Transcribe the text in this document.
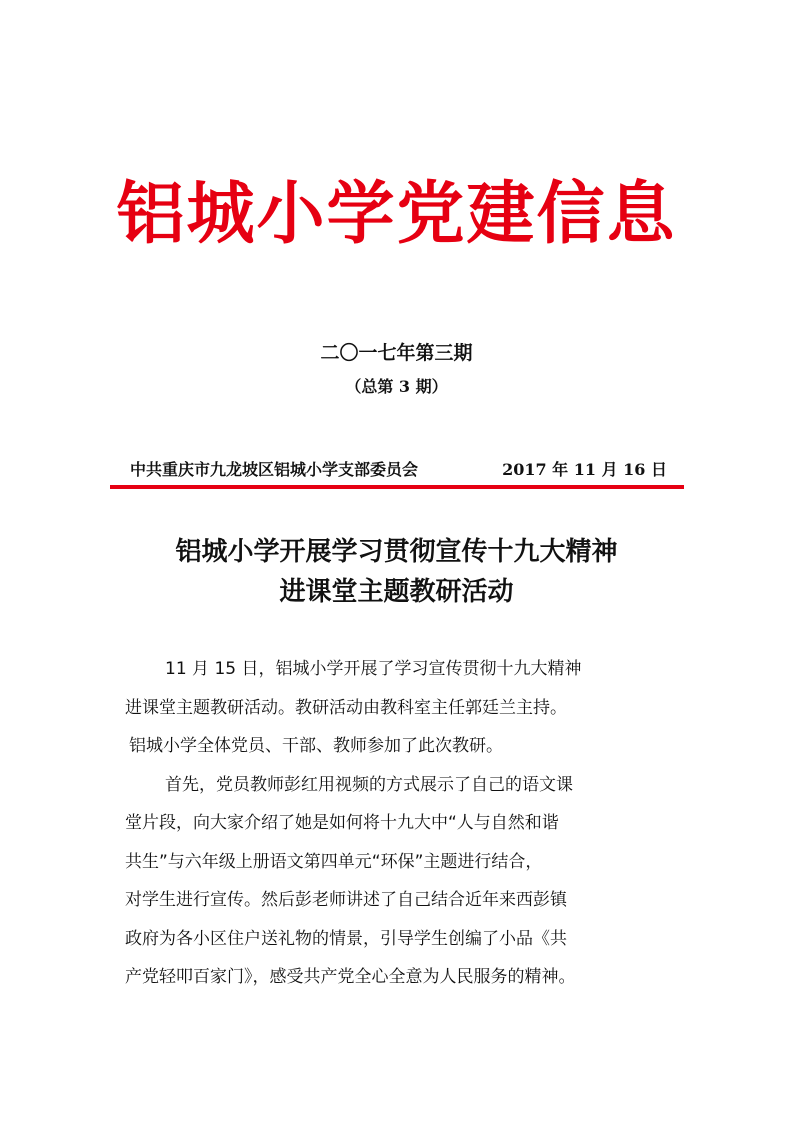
铝城小学党建信息
二〇一七年第三期
（总第 3 期）
中共重庆市九龙坡区铝城小学支部委员会	2017 年 11 月 16 日
铝城小学开展学习贯彻宣传十九大精神
进课堂主题教研活动
11 月 15 日，铝城小学开展了学习宣传贯彻十九大精神
进课堂主题教研活动。教研活动由教科室主任郭廷兰主持。
铝城小学全体党员、干部、教师参加了此次教研。
首先，党员教师彭红用视频的方式展示了自己的语文课
堂片段，向大家介绍了她是如何将十九大中“人与自然和谐
共生”与六年级上册语文第四单元“环保”主题进行结合，
对学生进行宣传。然后彭老师讲述了自己结合近年来西彭镇
政府为各小区住户送礼物的情景，引导学生创编了小品《共
产党轻叩百家门》，感受共产党全心全意为人民服务的精神。
